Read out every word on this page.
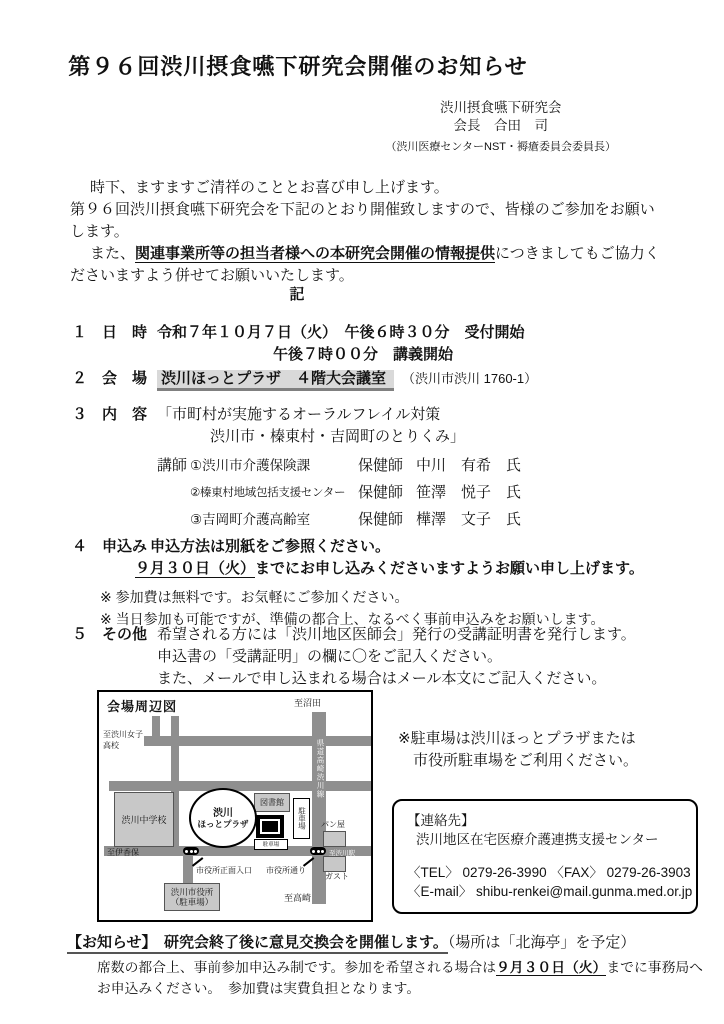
第９６回渋川摂食嚥下研究会開催のお知らせ
渋川摂食嚥下研究会
会長　合田　司
（渋川医療センターNST・褥瘡委員会委員長）

時下、ますますご清祥のこととお喜び申し上げます。

第９６回渋川摂食嚥下研究会を下記のとおり開催致しますので、皆様のご参加をお願いします。

また、関連事業所等の担当者様への本研究会開催の情報提供につきましてもご協力くださいますよう併せてお願いいたします。

記
１　日　時 令和７年１０月７日（火）　午後６時３０分　受付開始
午後７時００分　講義開始
２　会　場 渋川ほっとプラザ　４階大会議室 （渋川市渋川 1760-1）
３　内　容 「市町村が実施するオーラルフレイル対策
渋川市・榛東村・吉岡町のとりくみ」
講師 ①渋川市介護保険課	保健師 中川　有希　氏
②榛東村地域包括支援センター 保健師 笹澤　悦子　氏
③吉岡町介護高齢室	保健師 樺澤　文子　氏
４　申込み 申込方法は別紙をご参照ください。
９月３０日（火）までにお申し込みくださいますようお願い申し上げます。
※ 参加費は無料です。お気軽にご参加ください。
※ 当日参加も可能ですが、準備の都合上、なるべく事前申込みをお願いします。
５　その他 希望される方には「渋川地区医師会」発行の受講証明書を発行します。
申込書の「受講証明」の欄に〇をご記入ください。
また、メールで申し込まれる場合はメール本文にご記入ください。
会場周辺図	至沼田
至渋川女子
高校	県道高崎渋川線
至伊香保	至渋川駅
至高崎
渋川中学校
図書館
駐車場 パン屋
ガスト
渋川市役所
（駐車場）
渋川
ほっとプラザ
駐車場
市役所正面入口 市役所通り
※駐車場は渋川ほっとプラザまたは
市役所駐車場をご利用ください。
【連絡先】
渋川地区在宅医療介護連携支援センター
〈TEL〉 0279-26-3990 〈FAX〉 0279-26-3903
〈E-mail〉 shibu-renkei@mail.gunma.med.or.jp
【お知らせ】　研究会終了後に意見交換会を開催します。（場所は「北海亭」を予定）
席数の都合上、事前参加申込み制です。参加を希望される場合は９月３０日（火）までに事務局へ
お申込みください。　参加費は実費負担となります。
